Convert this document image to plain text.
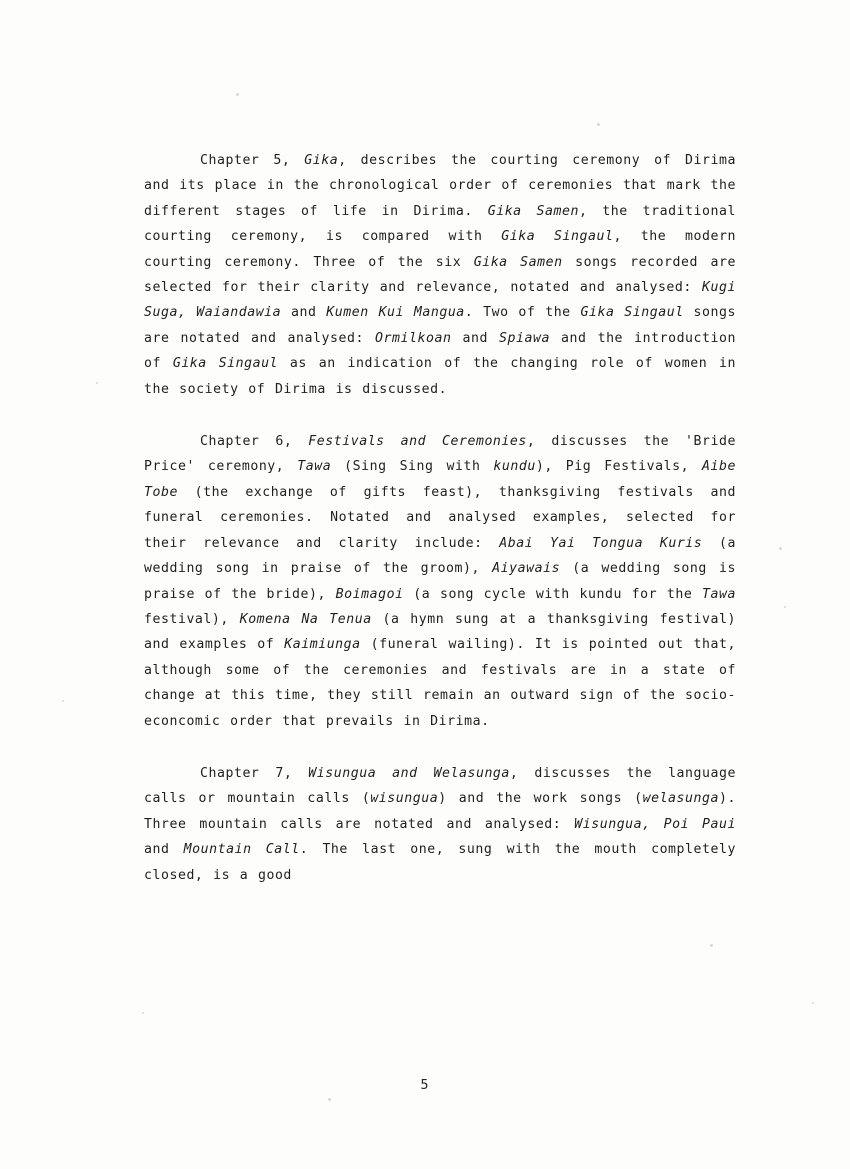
Chapter 5, Gika, describes the courting ceremony of Dirima and its place in the chronological order of ceremonies that mark the different stages of life in Dirima. Gika Samen, the traditional courting ceremony, is compared with Gika Singaul, the modern courting ceremony. Three of the six Gika Samen songs recorded are selected for their clarity and relevance, notated and analysed: Kugi Suga, Waiandawia and Kumen Kui Mangua. Two of the Gika Singaul songs are notated and analysed: Ormilkoan and Spiawa and the introduction of Gika Singaul as an indication of the changing role of women in the society of Dirima is discussed.

Chapter 6, Festivals and Ceremonies, discusses the 'Bride Price' ceremony, Tawa (Sing Sing with kundu), Pig Festivals, Aibe Tobe (the exchange of gifts feast), thanksgiving festivals and funeral ceremonies. Notated and analysed examples, selected for their relevance and clarity include: Abai Yai Tongua Kuris (a wedding song in praise of the groom), Aiyawais (a wedding song is praise of the bride), Boimagoi (a song cycle with kundu for the Tawa festival), Komena Na Tenua (a hymn sung at a thanksgiving festival) and examples of Kaimiunga (funeral wailing). It is pointed out that, although some of the ceremonies and festivals are in a state of change at this time, they still remain an outward sign of the socio-econcomic order that prevails in Dirima.

Chapter 7, Wisungua and Welasunga, discusses the language calls or mountain calls (wisungua) and the work songs (welasunga). Three mountain calls are notated and analysed: Wisungua, Poi Paui and Mountain Call. The last one, sung with the mouth completely closed, is a good

5
